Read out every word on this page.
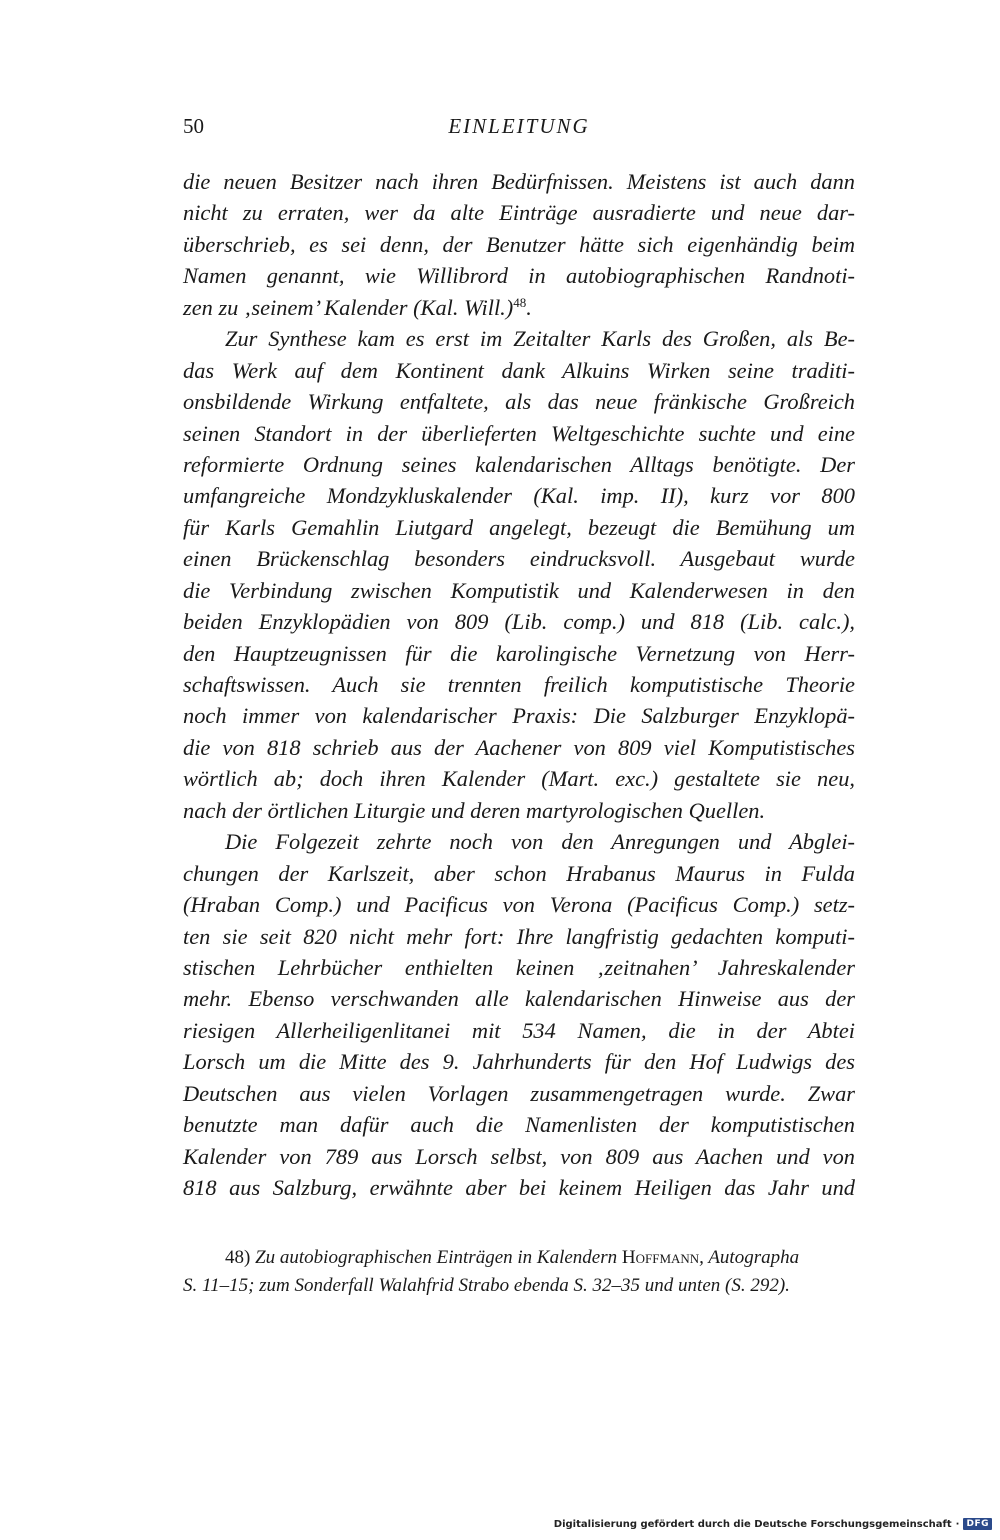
50	EINLEITUNG
die neuen Besitzer nach ihren Bedürfnissen. Meistens ist auch dann
nicht zu erraten, wer da alte Einträge ausradierte und neue dar-
überschrieb, es sei denn, der Benutzer hätte sich eigenhändig beim
Namen genannt, wie Willibrord in autobiographischen Randnoti-
zen zu ‚seinem’ Kalender (Kal. Will.)$^{48}$.
Zur Synthese kam es erst im Zeitalter Karls des Großen, als Be-
das Werk auf dem Kontinent dank Alkuins Wirken seine traditi-
onsbildende Wirkung entfaltete, als das neue fränkische Großreich
seinen Standort in der überlieferten Weltgeschichte suchte und eine
reformierte Ordnung seines kalendarischen Alltags benötigte. Der
umfangreiche Mondzykluskalender (Kal. imp. II), kurz vor 800
für Karls Gemahlin Liutgard angelegt, bezeugt die Bemühung um
einen Brückenschlag besonders eindrucksvoll. Ausgebaut wurde
die Verbindung zwischen Komputistik und Kalenderwesen in den
beiden Enzyklopädien von 809 (Lib. comp.) und 818 (Lib. calc.),
den Hauptzeugnissen für die karolingische Vernetzung von Herr-
schaftswissen. Auch sie trennten freilich komputistische Theorie
noch immer von kalendarischer Praxis: Die Salzburger Enzyklopä-
die von 818 schrieb aus der Aachener von 809 viel Komputistisches
wörtlich ab; doch ihren Kalender (Mart. exc.) gestaltete sie neu,
nach der örtlichen Liturgie und deren martyrologischen Quellen.
Die Folgezeit zehrte noch von den Anregungen und Abglei-
chungen der Karlszeit, aber schon Hrabanus Maurus in Fulda
(Hraban Comp.) und Pacificus von Verona (Pacificus Comp.) setz-
ten sie seit 820 nicht mehr fort: Ihre langfristig gedachten komputi-
stischen Lehrbücher enthielten keinen ‚zeitnahen’ Jahreskalender
mehr. Ebenso verschwanden alle kalendarischen Hinweise aus der
riesigen Allerheiligenlitanei mit 534 Namen, die in der Abtei
Lorsch um die Mitte des 9. Jahrhunderts für den Hof Ludwigs des
Deutschen aus vielen Vorlagen zusammengetragen wurde. Zwar
benutzte man dafür auch die Namenlisten der komputistischen
Kalender von 789 aus Lorsch selbst, von 809 aus Aachen und von
818 aus Salzburg, erwähnte aber bei keinem Heiligen das Jahr und
48) Zu autobiographischen Einträgen in Kalendern Hoffmann, Autographa
S. 11–15; zum Sonderfall Walahfrid Strabo ebenda S. 32–35 und unten (S. 292).
Digitalisierung gefördert durch die Deutsche Forschungsgemeinschaft · DFG
